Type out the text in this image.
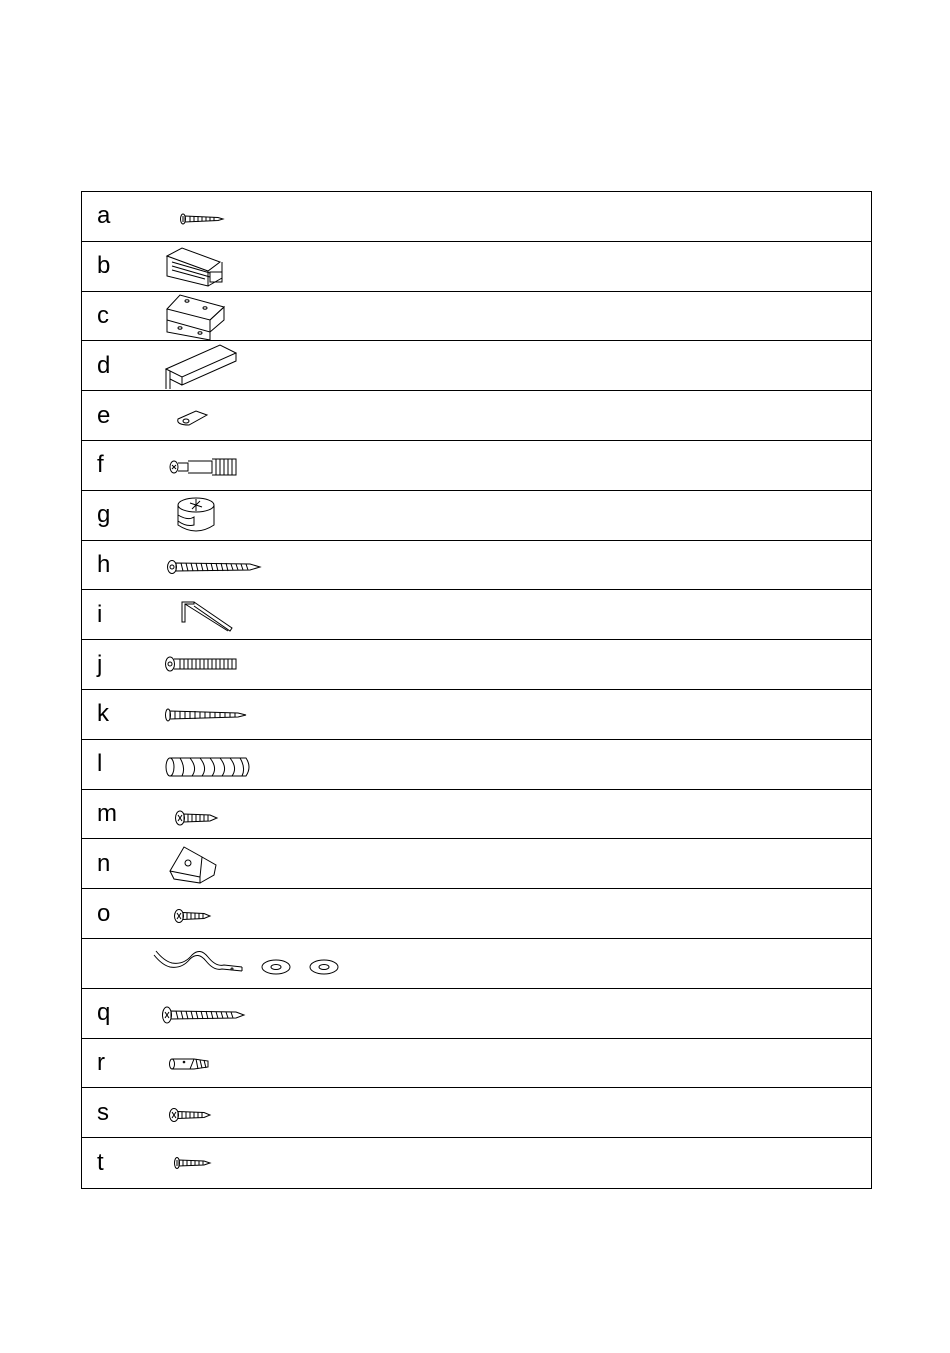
a
b
c
d
e
f
g
h
i
j
k
l
m
n
o
q
r
s
t
